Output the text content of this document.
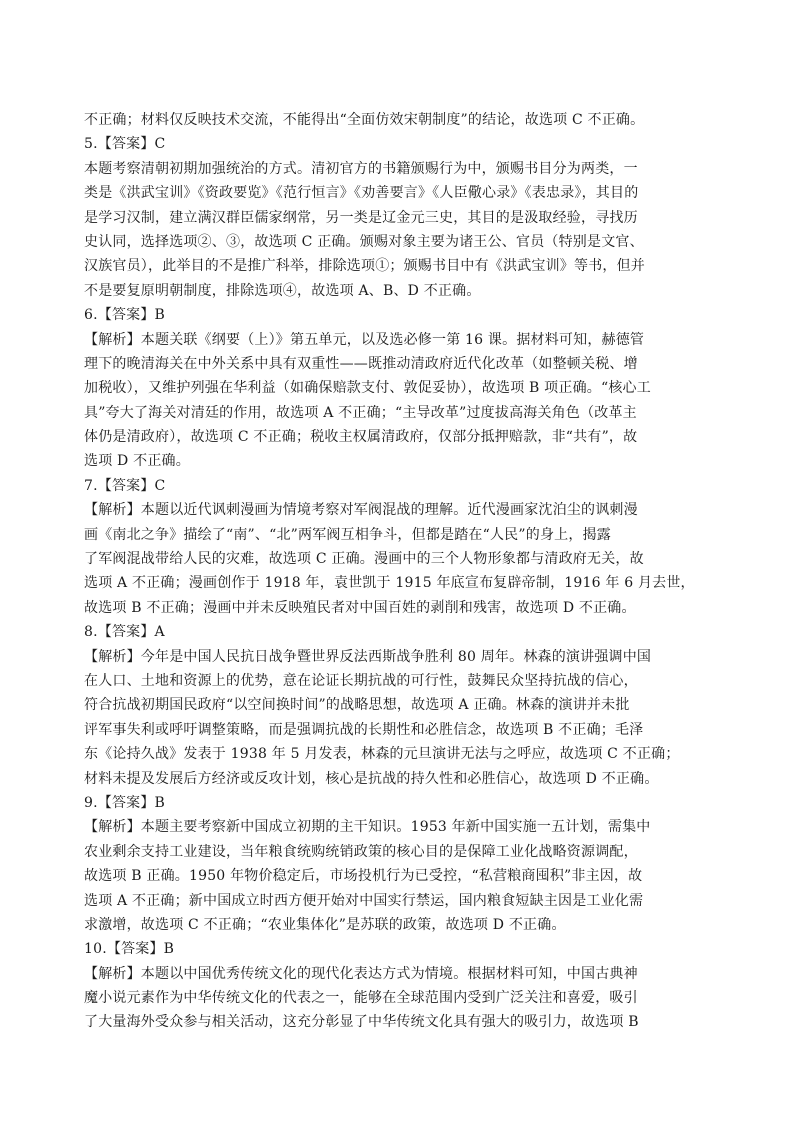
不正确；材料仅反映技术交流，不能得出“全面仿效宋朝制度”的结论，故选项 C 不正确。
5.【答案】C
本题考察清朝初期加强统治的方式。清初官方的书籍颁赐行为中，颁赐书目分为两类，一
类是《洪武宝训》《资政要览》《范行恒言》《劝善要言》《人臣儆心录》《表忠录》，其目的
是学习汉制，建立满汉群臣儒家纲常，另一类是辽金元三史，其目的是汲取经验，寻找历
史认同，选择选项②、③，故选项 C 正确。颁赐对象主要为诸王公、官员（特别是文官、
汉族官员），此举目的不是推广科举，排除选项①；颁赐书目中有《洪武宝训》等书，但并
不是要复原明朝制度，排除选项④，故选项 A、B、D 不正确。
6.【答案】B
【解析】本题关联《纲要（上）》第五单元，以及选必修一第 16 课。据材料可知，赫德管
理下的晚清海关在中外关系中具有双重性——既推动清政府近代化改革（如整顿关税、增
加税收），又维护列强在华利益（如确保赔款支付、敦促妥协），故选项 B 项正确。“核心工
具”夸大了海关对清廷的作用，故选项 A 不正确；“主导改革”过度拔高海关角色（改革主
体仍是清政府），故选项 C 不正确；税收主权属清政府，仅部分抵押赔款，非“共有”，故
选项 D 不正确。
7.【答案】C
【解析】本题以近代讽刺漫画为情境考察对军阀混战的理解。近代漫画家沈泊尘的讽刺漫
画《南北之争》描绘了“南”、“北”两军阀互相争斗，但都是踏在“人民”的身上，揭露
了军阀混战带给人民的灾难，故选项 C 正确。漫画中的三个人物形象都与清政府无关，故
选项 A 不正确；漫画创作于 1918 年，袁世凯于 1915 年底宣布复辟帝制，1916 年 6 月去世，
故选项 B 不正确；漫画中并未反映殖民者对中国百姓的剥削和残害，故选项 D 不正确。
8.【答案】A
【解析】今年是中国人民抗日战争暨世界反法西斯战争胜利 80 周年。林森的演讲强调中国
在人口、土地和资源上的优势，意在论证长期抗战的可行性，鼓舞民众坚持抗战的信心，
符合抗战初期国民政府“以空间换时间”的战略思想，故选项 A 正确。林森的演讲并未批
评军事失利或呼吁调整策略，而是强调抗战的长期性和必胜信念，故选项 B 不正确；毛泽
东《论持久战》发表于 1938 年 5 月发表，林森的元旦演讲无法与之呼应，故选项 C 不正确；
材料未提及发展后方经济或反攻计划，核心是抗战的持久性和必胜信心，故选项 D 不正确。
9.【答案】B
【解析】本题主要考察新中国成立初期的主干知识。1953 年新中国实施一五计划，需集中
农业剩余支持工业建设，当年粮食统购统销政策的核心目的是保障工业化战略资源调配，
故选项 B 正确。1950 年物价稳定后，市场投机行为已受控，“私营粮商囤积”非主因，故
选项 A 不正确；新中国成立时西方便开始对中国实行禁运，国内粮食短缺主因是工业化需
求激增，故选项 C 不正确；“农业集体化”是苏联的政策，故选项 D 不正确。
10.【答案】B
【解析】本题以中国优秀传统文化的现代化表达方式为情境。根据材料可知，中国古典神
魔小说元素作为中华传统文化的代表之一，能够在全球范围内受到广泛关注和喜爱，吸引
了大量海外受众参与相关活动，这充分彰显了中华传统文化具有强大的吸引力，故选项 B
